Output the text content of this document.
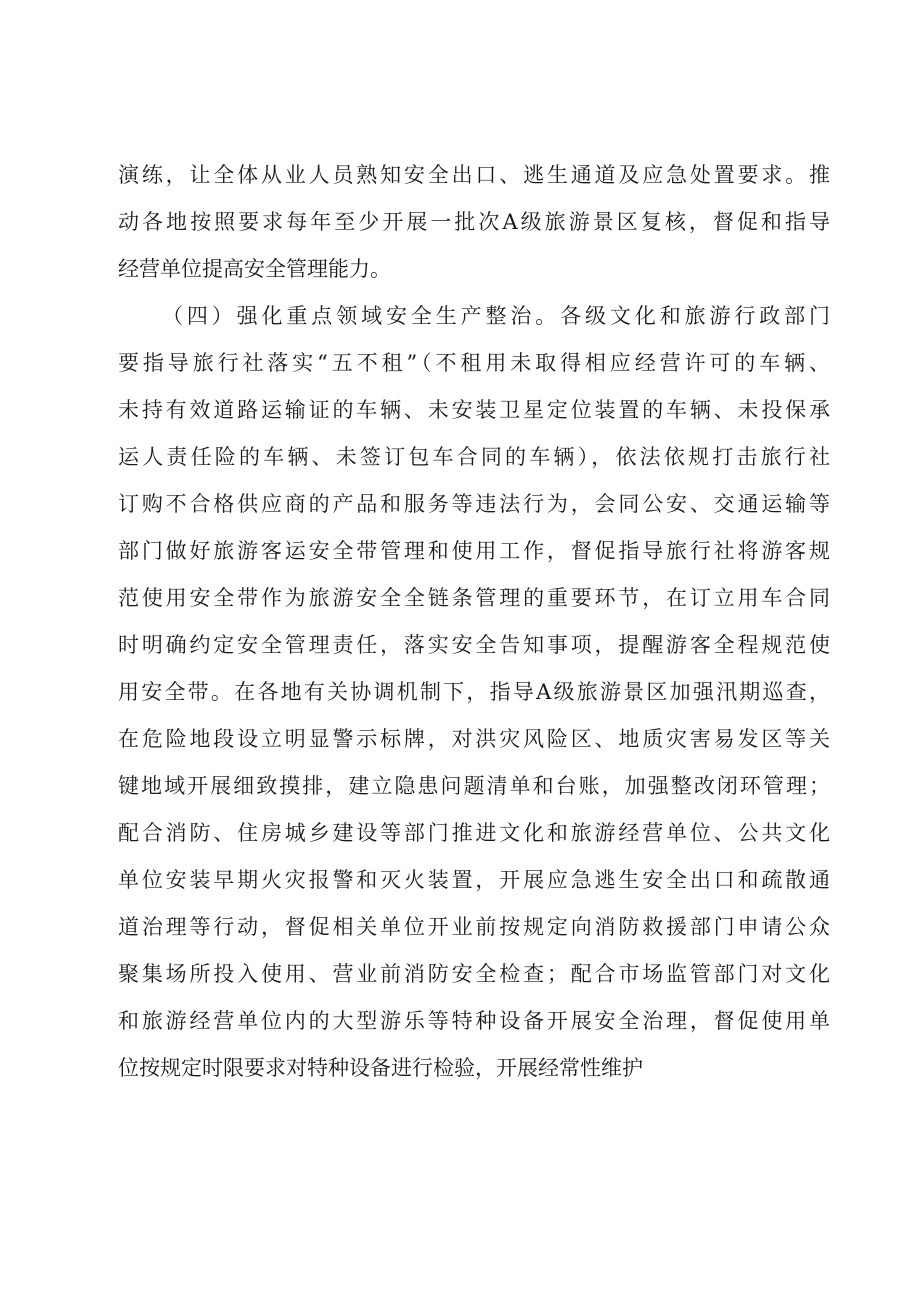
演练，让全体从业人员熟知安全出口、逃生通道及应急处置要求。推
动各地按照要求每年至少开展一批次A级旅游景区复核，督促和指导
经营单位提高安全管理能力。
（四）强化重点领域安全生产整治。各级文化和旅游行政部门
要指导旅行社落实“五不租”（不租用未取得相应经营许可的车辆、
未持有效道路运输证的车辆、未安装卫星定位装置的车辆、未投保承
运人责任险的车辆、未签订包车合同的车辆），依法依规打击旅行社
订购不合格供应商的产品和服务等违法行为，会同公安、交通运输等
部门做好旅游客运安全带管理和使用工作，督促指导旅行社将游客规
范使用安全带作为旅游安全全链条管理的重要环节，在订立用车合同
时明确约定安全管理责任，落实安全告知事项，提醒游客全程规范使
用安全带。在各地有关协调机制下，指导A级旅游景区加强汛期巡查，
在危险地段设立明显警示标牌，对洪灾风险区、地质灾害易发区等关
键地域开展细致摸排，建立隐患问题清单和台账，加强整改闭环管理；
配合消防、住房城乡建设等部门推进文化和旅游经营单位、公共文化
单位安装早期火灾报警和灭火装置，开展应急逃生安全出口和疏散通
道治理等行动，督促相关单位开业前按规定向消防救援部门申请公众
聚集场所投入使用、营业前消防安全检查；配合市场监管部门对文化
和旅游经营单位内的大型游乐等特种设备开展安全治理，督促使用单
位按规定时限要求对特种设备进行检验，开展经常性维护
